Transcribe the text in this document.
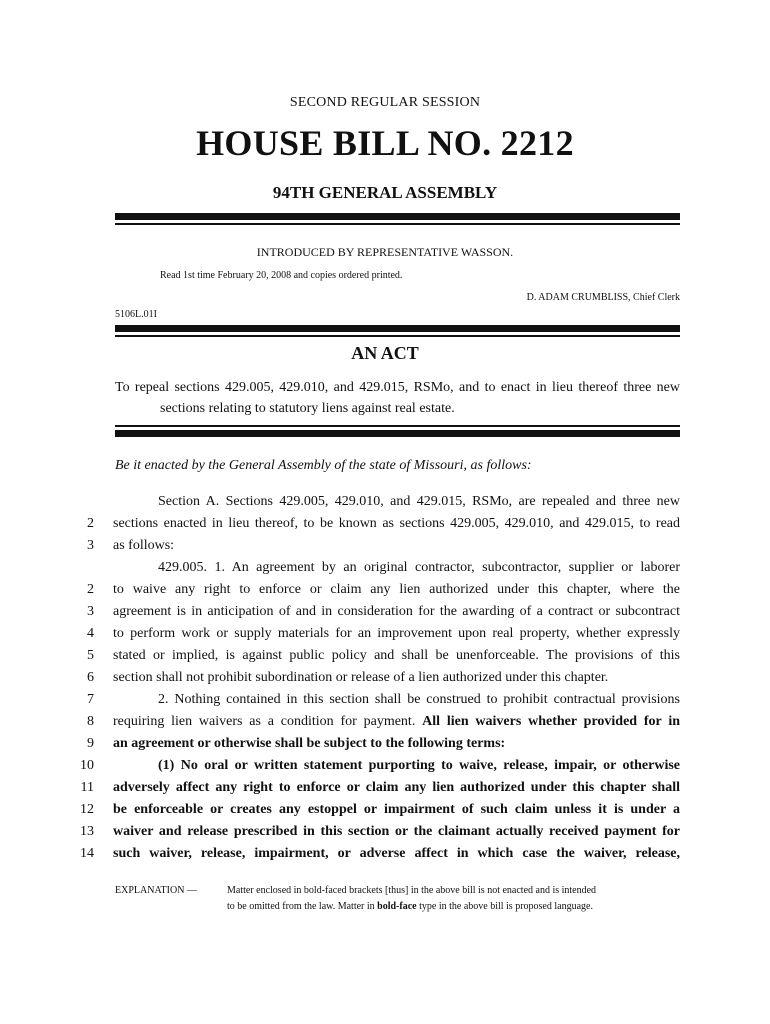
SECOND REGULAR SESSION
HOUSE BILL NO. 2212
94TH GENERAL ASSEMBLY
INTRODUCED BY REPRESENTATIVE WASSON.
Read 1st time February 20, 2008 and copies ordered printed.
D. ADAM CRUMBLISS, Chief Clerk
5106L.01I
AN ACT
To repeal sections 429.005, 429.010, and 429.015, RSMo, and to enact in lieu thereof three new
sections relating to statutory liens against real estate.
Be it enacted by the General Assembly of the state of Missouri, as follows:
Section A. Sections 429.005, 429.010, and 429.015, RSMo, are repealed and three new
2 sections enacted in lieu thereof, to be known as sections 429.005, 429.010, and 429.015, to read
3 as follows:
429.005. 1. An agreement by an original contractor, subcontractor, supplier or laborer
2 to waive any right to enforce or claim any lien authorized under this chapter, where the
3 agreement is in anticipation of and in consideration for the awarding of a contract or subcontract
4 to perform work or supply materials for an improvement upon real property, whether expressly
5 stated or implied, is against public policy and shall be unenforceable. The provisions of this
6 section shall not prohibit subordination or release of a lien authorized under this chapter.
7	2. Nothing contained in this section shall be construed to prohibit contractual provisions
8 requiring lien waivers as a condition for payment. All lien waivers whether provided for in
9 an agreement or otherwise shall be subject to the following terms:
10	(1) No oral or written statement purporting to waive, release, impair, or otherwise
11 adversely affect any right to enforce or claim any lien authorized under this chapter shall
12 be enforceable or creates any estoppel or impairment of such claim unless it is under a
13 waiver and release prescribed in this section or the claimant actually received payment for
14 such waiver, release, impairment, or adverse affect in which case the waiver, release,
EXPLANATION —	Matter enclosed in bold-faced brackets [thus] in the above bill is not enacted and is intended
to be omitted from the law. Matter in bold-face type in the above bill is proposed language.
